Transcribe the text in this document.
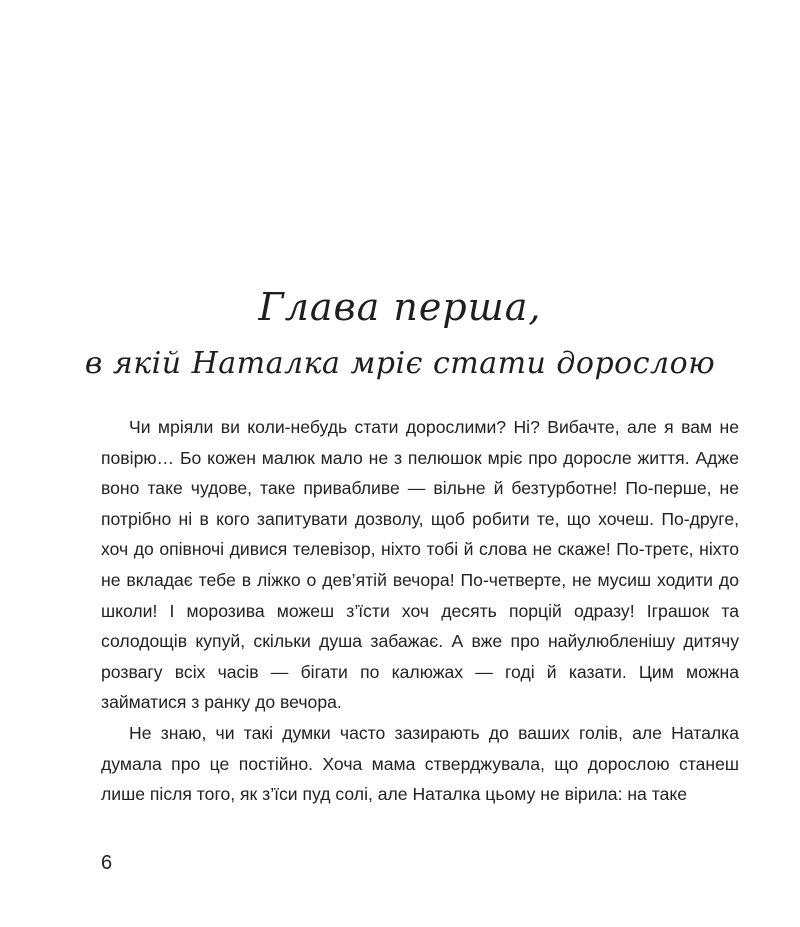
Глава перша,
в якій Наталка мріє стати дорослою

Чи мріяли ви коли-небудь стати дорослими? Ні? Вибачте, але я вам не повірю… Бо кожен малюк мало не з пелюшок мріє про доросле життя. Адже воно таке чудове, таке привабливе — вільне й безтурботне! По-перше, не потрібно ні в кого запитувати дозволу, щоб робити те, що хочеш. По-друге, хоч до опівночі дивися телевізор, ніхто тобі й слова не скаже! По-третє, ніхто не вкладає тебе в ліжко о дев’ятій вечора! По-четверте, не мусиш ходити до школи! І морозива можеш з’їсти хоч десять порцій одразу! Іграшок та солодощів купуй, скільки душа забажає. А вже про найулюбленішу дитячу розвагу всіх часів — бігати по калюжах — годі й казати. Цим можна займатися з ранку до вечора.

Не знаю, чи такі думки часто зазирають до ваших голів, але Наталка думала про це постійно. Хоча мама стверджувала, що дорослою станеш лише після того, як з’їси пуд солі, але Наталка цьому не вірила: на таке

6
